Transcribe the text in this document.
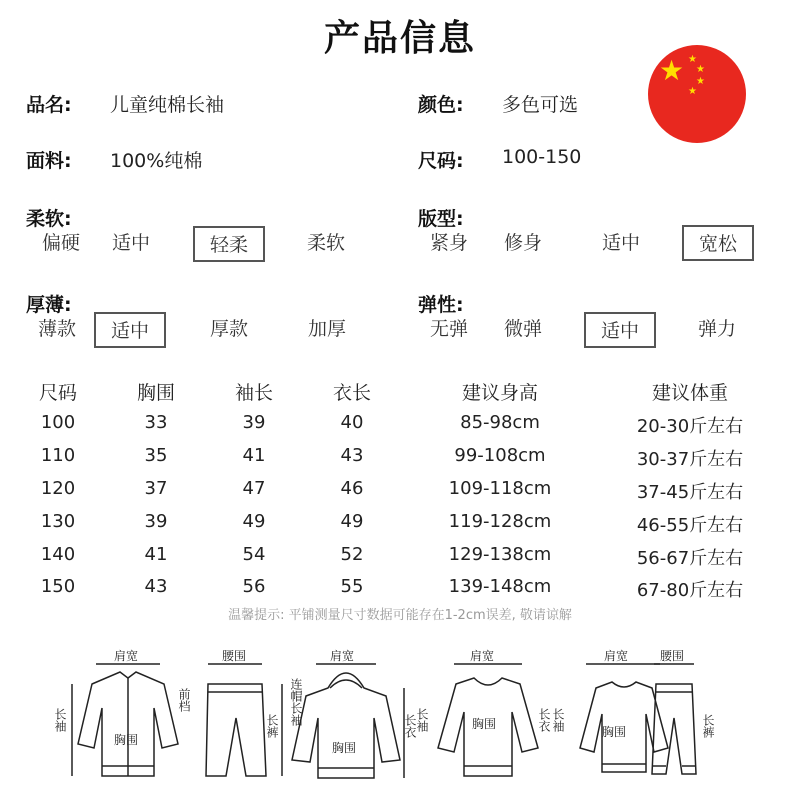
产品信息
★ ★
★
★
★
品名: 儿童纯棉长袖	颜色: 多色可选
面料: 100%纯棉	尺码: 100-150
柔软:
偏硬	适中	轻柔	柔软
版型:
紧身	修身	适中	宽松
厚薄:
薄款	适中	厚款	加厚
弹性:
无弹	微弹	适中	弹力
尺码	胸围	袖长	衣长	建议身高	建议体重
100	33	39	40	85-98cm	20-30斤左右
110	35	41	43	99-108cm	30-37斤左右
120	37	47	46	109-118cm	37-45斤左右
130	39	49	49	119-128cm	46-55斤左右
140	41	54	52	129-138cm	56-67斤左右
150	43	56	55	139-148cm	67-80斤左右
温馨提示: 平铺测量尺寸数据可能存在1-2cm误差, 敬请谅解
肩宽
胸围
长袖
腰围
前档
长裤
肩宽
胸围
连帽长袖	长衣
肩宽
胸围
长袖	长衣
肩宽
胸围
长袖
腰围
长裤
